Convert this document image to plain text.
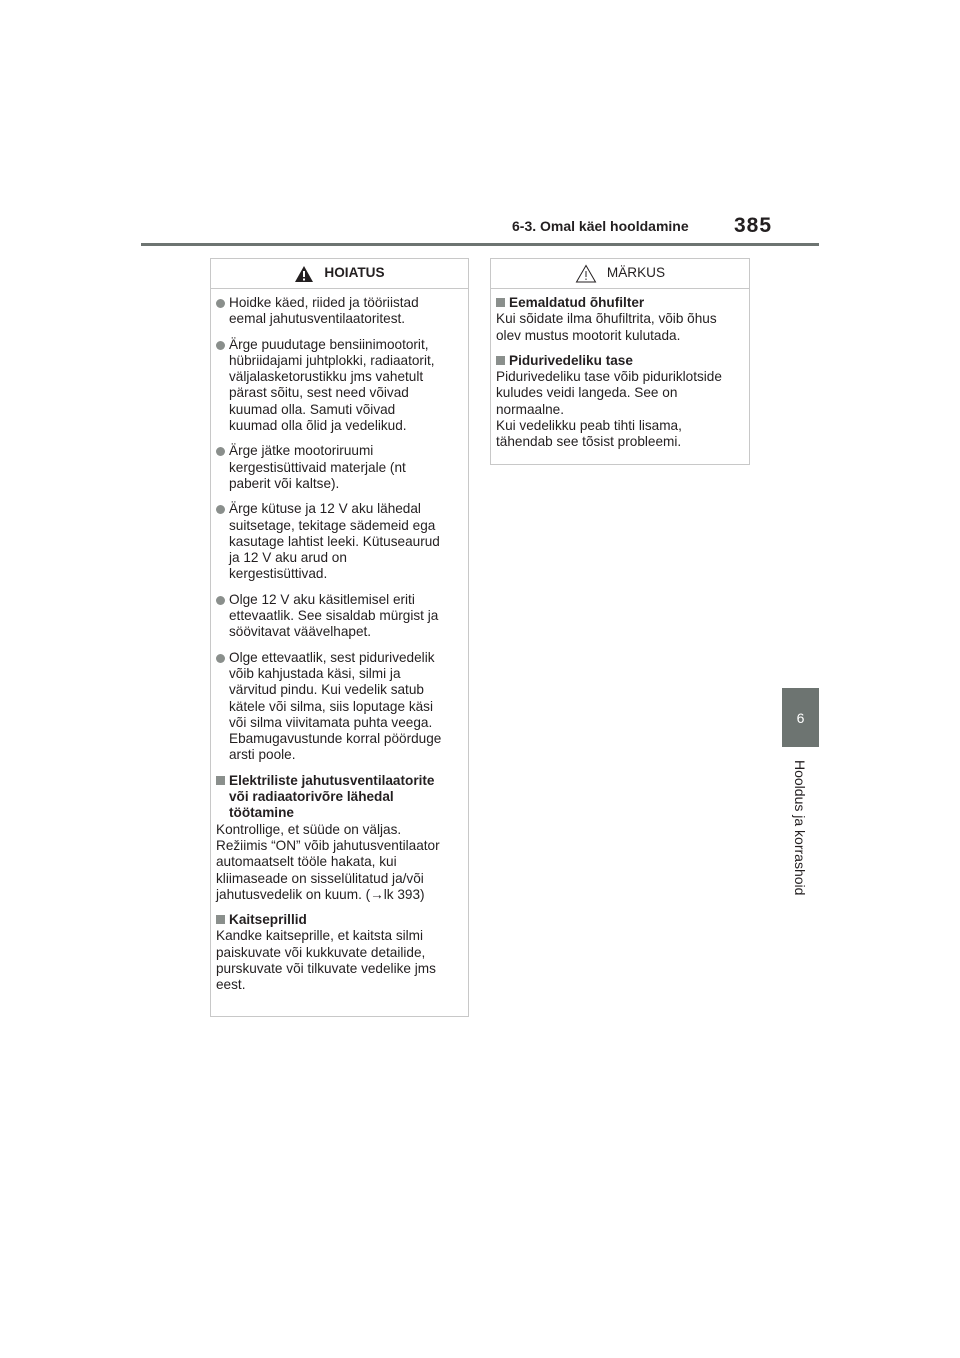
6-3. Omal käel hooldamine 385
6
Hooldus ja korrashoid
HOIATUS
Hoidke käed, riided ja tööriistad
eemal jahutusventilaatoritest.
Ärge puudutage bensiinimootorit,
hübriidajami juhtplokki, radiaatorit,
väljalasketorustikku jms vahetult
pärast sõitu, sest need võivad
kuumad olla. Samuti võivad
kuumad olla õlid ja vedelikud.
Ärge jätke mootoriruumi
kergestisüttivaid materjale (nt
paberit või kaltse).
Ärge kütuse ja 12 V aku lähedal
suitsetage, tekitage sädemeid ega
kasutage lahtist leeki. Kütuseaurud
ja 12 V aku arud on
kergestisüttivad.
Olge 12 V aku käsitlemisel eriti
ettevaatlik. See sisaldab mürgist ja
söövitavat väävelhapet.
Olge ettevaatlik, sest pidurivedelik
võib kahjustada käsi, silmi ja
värvitud pindu. Kui vedelik satub
kätele või silma, siis loputage käsi
või silma viivitamata puhta veega.
Ebamugavustunde korral pöörduge
arsti poole.
Elektriliste jahutusventilaatorite
või radiaatorivõre lähedal
töötamine
Kontrollige, et süüde on väljas.
Režiimis “ON” võib jahutusventilaator
automaatselt tööle hakata, kui
kliimaseade on sisselülitatud ja/või
jahutusvedelik on kuum. (→lk 393)
Kaitseprillid
Kandke kaitseprille, et kaitsta silmi
paiskuvate või kukkuvate detailide,
purskuvate või tilkuvate vedelike jms
eest.
MÄRKUS
Eemaldatud õhufilter
Kui sõidate ilma õhufiltrita, võib õhus
olev mustus mootorit kulutada.
Pidurivedeliku tase
Pidurivedeliku tase võib piduriklotside
kuludes veidi langeda. See on
normaalne.
Kui vedelikku peab tihti lisama,
tähendab see tõsist probleemi.
